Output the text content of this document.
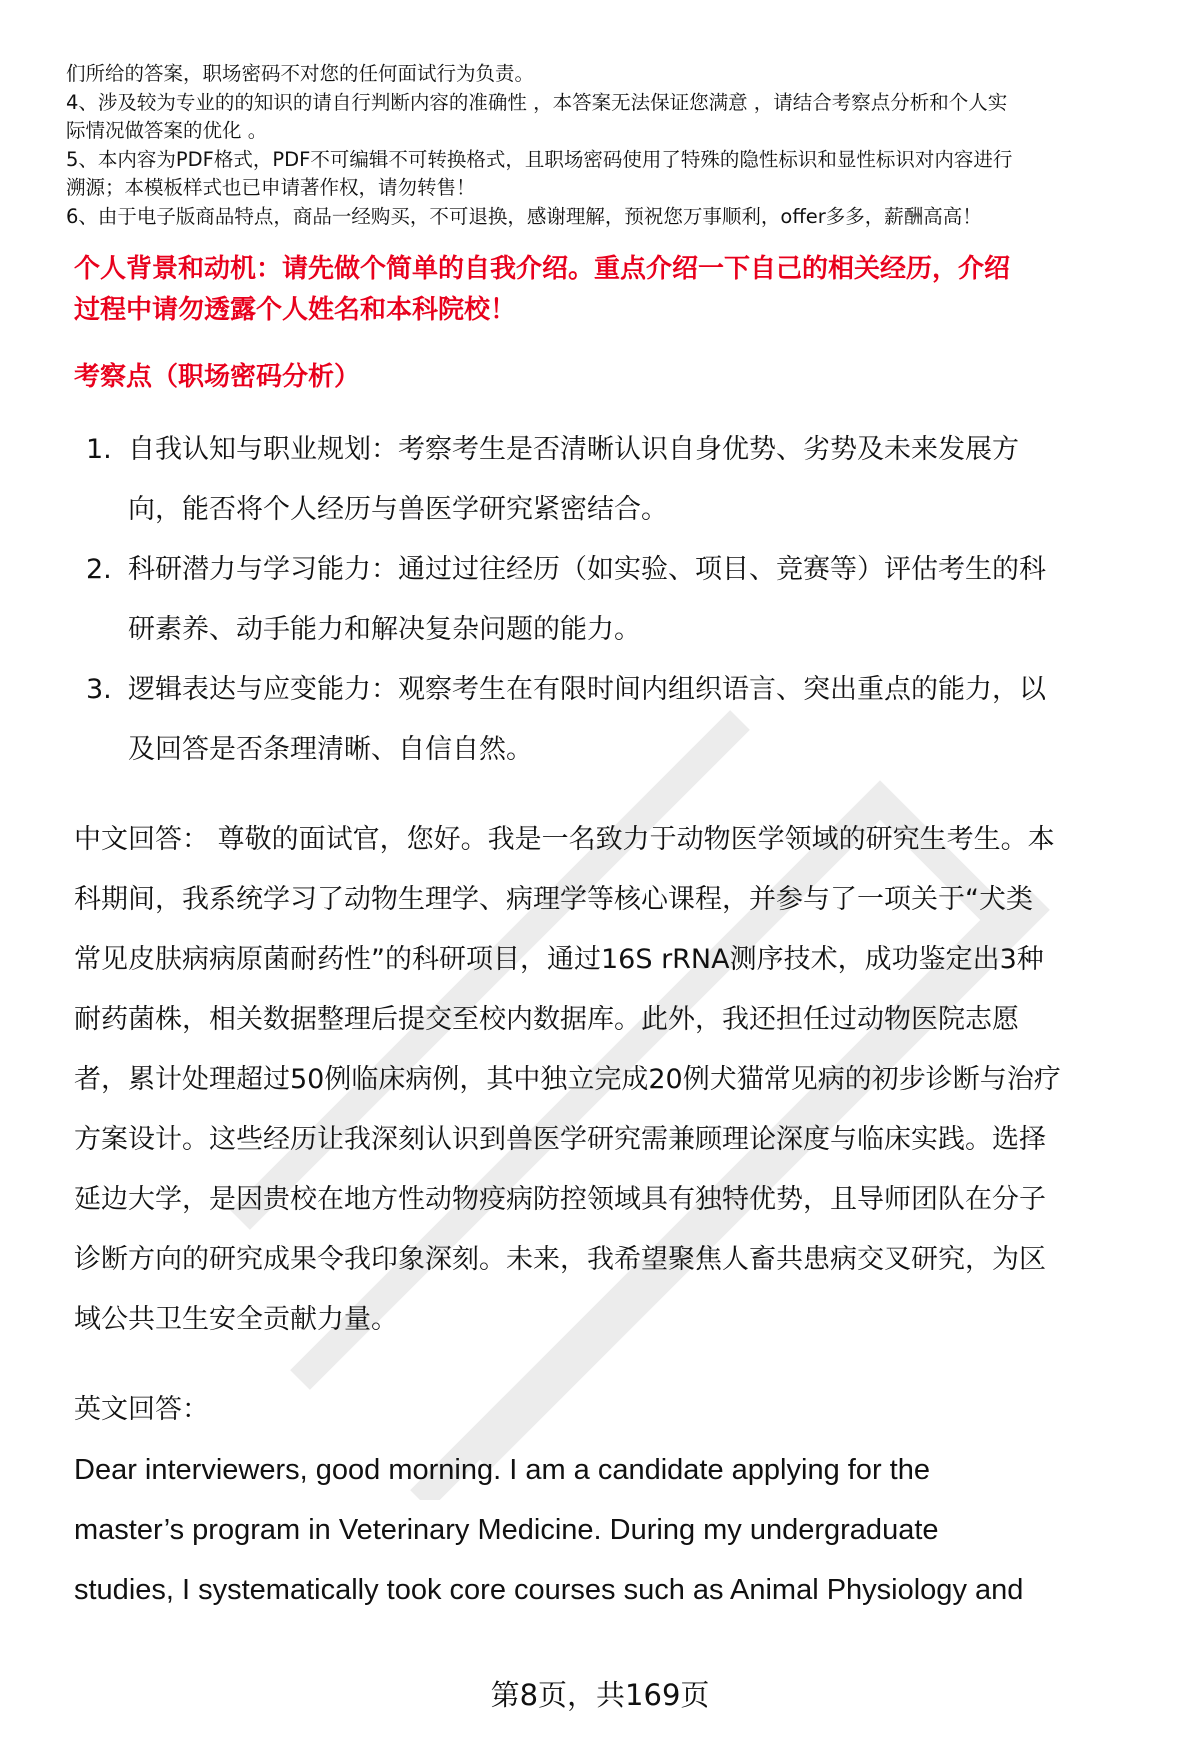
们所给的答案，职场密码不对您的任何面试行为负责。

4、涉及较为专业的的知识的请自行判断内容的准确性 ，本答案无法保证您满意 ，请结合考察点分析和个人实

际情况做答案的优化 。

5、本内容为PDF格式，PDF不可编辑不可转换格式，且职场密码使用了特殊的隐性标识和显性标识对内容进行

溯源；本模板样式也已申请著作权，请勿转售！

6、由于电子版商品特点，商品一经购买，不可退换，感谢理解，预祝您万事顺利，offer多多，薪酬高高！

个人背景和动机：请先做个简单的自我介绍。重点介绍一下自己的相关经历，介绍

过程中请勿透露个人姓名和本科院校！

考察点（职场密码分析）

1. 自我认知与职业规划：考察考生是否清晰认识自身优势、劣势及未来发展方
向，能否将个人经历与兽医学研究紧密结合。
2. 科研潜力与学习能力：通过过往经历（如实验、项目、竞赛等）评估考生的科
研素养、动手能力和解决复杂问题的能力。
3. 逻辑表达与应变能力：观察考生在有限时间内组织语言、突出重点的能力，以
及回答是否条理清晰、自信自然。

中文回答： 尊敬的面试官，您好。我是一名致力于动物医学领域的研究生考生。本

科期间，我系统学习了动物生理学、病理学等核心课程，并参与了一项关于“犬类

常见皮肤病病原菌耐药性”的科研项目，通过16S rRNA测序技术，成功鉴定出3种

耐药菌株，相关数据整理后提交至校内数据库。此外，我还担任过动物医院志愿

者，累计处理超过50例临床病例，其中独立完成20例犬猫常见病的初步诊断与治疗

方案设计。这些经历让我深刻认识到兽医学研究需兼顾理论深度与临床实践。选择

延边大学，是因贵校在地方性动物疫病防控领域具有独特优势，且导师团队在分子

诊断方向的研究成果令我印象深刻。未来，我希望聚焦人畜共患病交叉研究，为区

域公共卫生安全贡献力量。

英文回答：

Dear interviewers, good morning. I am a candidate applying for the

master’s program in Veterinary Medicine. During my undergraduate

studies, I systematically took core courses such as Animal Physiology and

第8页，共169页
